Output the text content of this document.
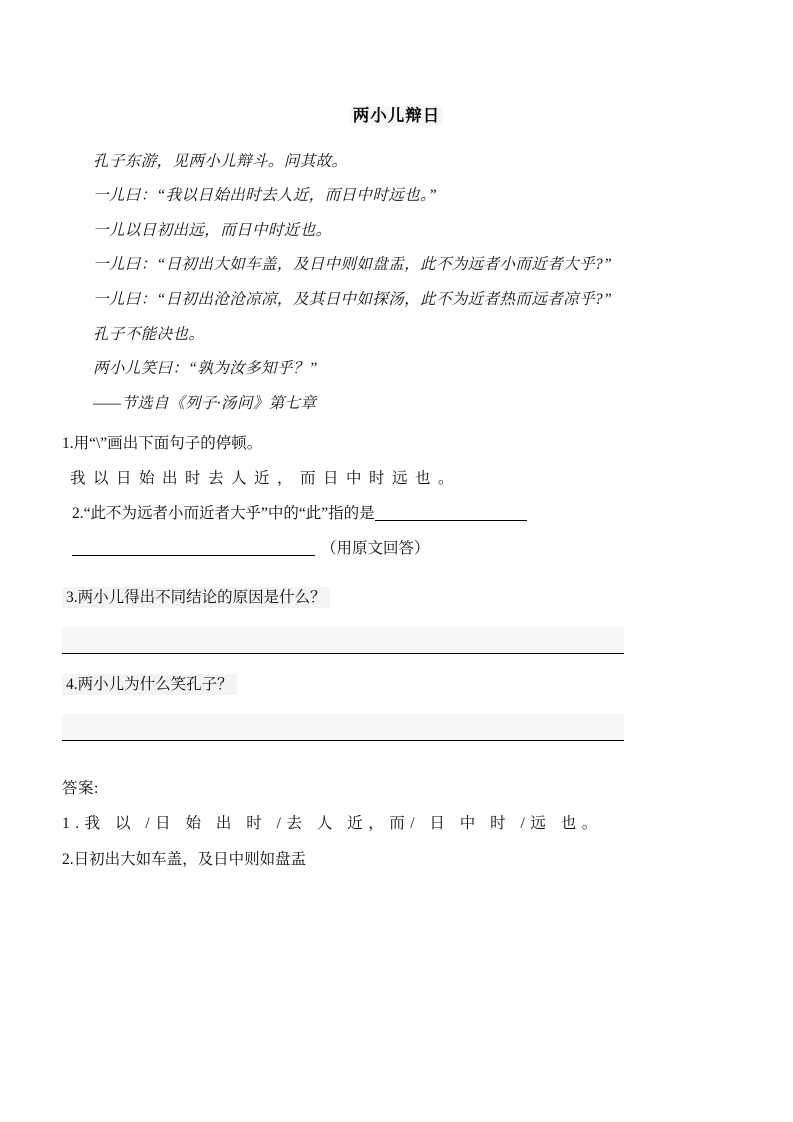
两小儿辩日

孔子东游，见两小儿辩斗。问其故。

一儿曰：“我以日始出时去人近，而日中时远也。”

一儿以日初出远，而日中时近也。

一儿曰：“日初出大如车盖，及日中则如盘盂，此不为远者小而近者大乎?”

一儿曰：“日初出沧沧凉凉，及其日中如探汤，此不为近者热而远者凉乎?”

孔子不能决也。

两小儿笑曰：“孰为汝多知乎？”

——节选自《列子·汤问》第七章

1.用“\”画出下面句子的停顿。

我以日始出时去人近，而日中时远也。

2.“此不为远者小而近者大乎”中的“此”指的是

（用原文回答）

3.两小儿得出不同结论的原因是什么？

4.两小儿为什么笑孔子？

答案:

1.我 以 /日 始 出 时 /去 人 近，而/ 日 中 时 /远 也。

2.日初出大如车盖，及日中则如盘盂
